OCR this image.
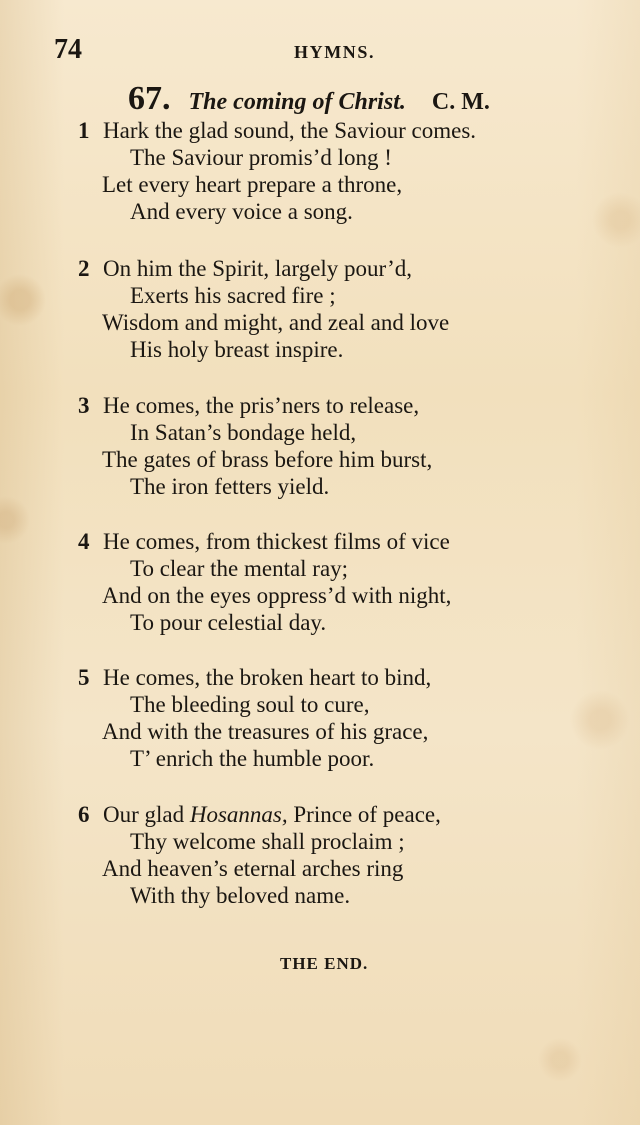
74	HYMNS.
67. The coming of Christ. C. M.
1 Hark the glad sound, the Saviour comes.
The Saviour promis’d long !
Let every heart prepare a throne,
And every voice a song.
2 On him the Spirit, largely pour’d,
Exerts his sacred fire ;
Wisdom and might, and zeal and love
His holy breast inspire.
3 He comes, the pris’ners to release,
In Satan’s bondage held,
The gates of brass before him burst,
The iron fetters yield.
4 He comes, from thickest films of vice
To clear the mental ray;
And on the eyes oppress’d with night,
To pour celestial day.
5 He comes, the broken heart to bind,
The bleeding soul to cure,
And with the treasures of his grace,
T’ enrich the humble poor.
6 Our glad Hosannas, Prince of peace,
Thy welcome shall proclaim ;
And heaven’s eternal arches ring
With thy beloved name.
THE END.
